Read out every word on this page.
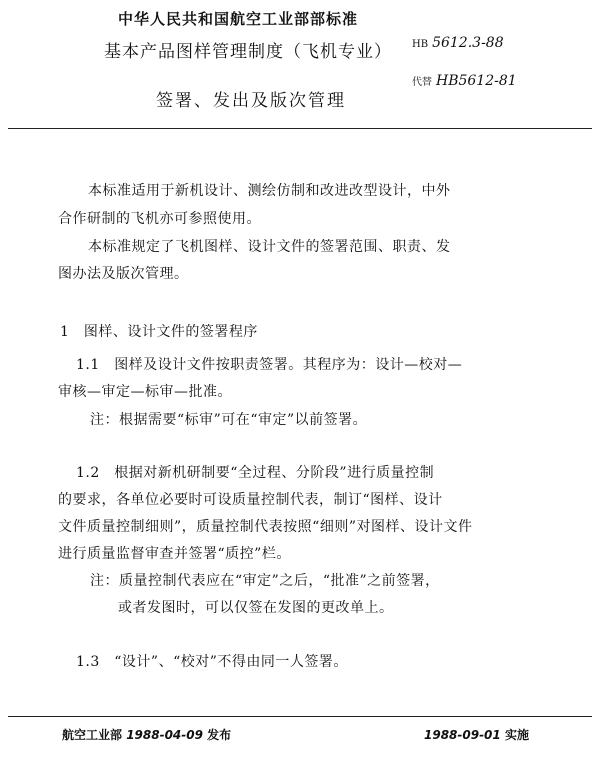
中华人民共和国航空工业部部标准
基本产品图样管理制度（飞机专业）
签署、发出及版次管理
HB 5612.3-88
代替 HB5612-81
本标准适用于新机设计、测绘仿制和改进改型设计，中外
合作研制的飞机亦可参照使用。
本标准规定了飞机图样、设计文件的签署范围、职责、发
图办法及版次管理。
1　图样、设计文件的签署程序
1.1　图样及设计文件按职责签署。其程序为：设计—校对—
审核—审定—标审—批准。
注：根据需要“标审”可在“审定”以前签署。
1.2　根据对新机研制要“全过程、分阶段”进行质量控制
的要求，各单位必要时可设质量控制代表，制订“图样、设计
文件质量控制细则”，质量控制代表按照“细则”对图样、设计文件
进行质量监督审查并签署“质控”栏。
注：质量控制代表应在“审定”之后，“批准”之前签署，
或者发图时，可以仅签在发图的更改单上。
1.3　“设计”、“校对”不得由同一人签署。
航空工业部 1988-04-09 发布	1988-09-01 实施
